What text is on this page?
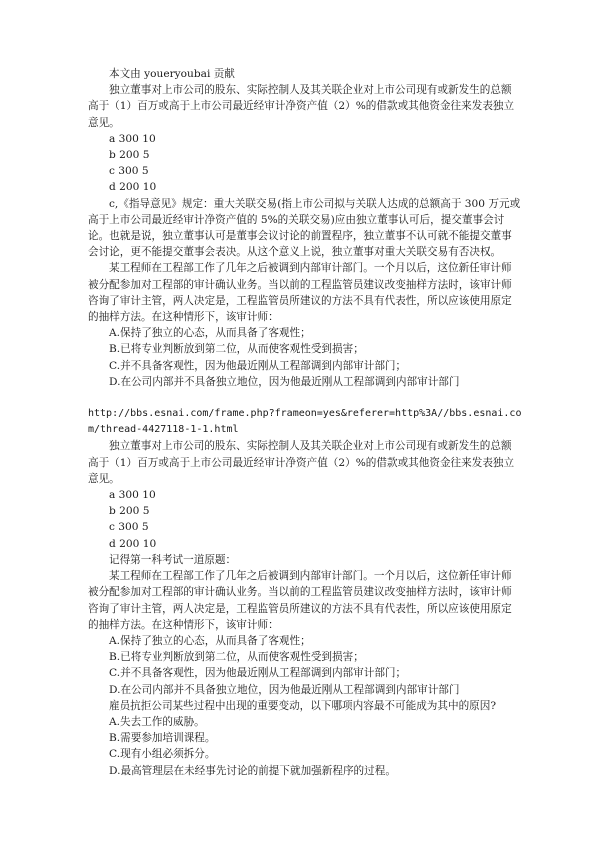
本文由 youeryoubai 贡献

独立董事对上市公司的股东、实际控制人及其关联企业对上市公司现有或新发生的总额高于（1）百万或高于上市公司最近经审计净资产值（2）%的借款或其他资金往来发表独立意见。

a 300 10

b 200 5

c 300 5

d 200 10

c,《指导意见》规定：重大关联交易(指上市公司拟与关联人达成的总额高于 300 万元或高于上市公司最近经审计净资产值的 5%的关联交易)应由独立董事认可后，提交董事会讨论。也就是说，独立董事认可是董事会议讨论的前置程序，独立董事不认可就不能提交董事会讨论，更不能提交董事会表决。从这个意义上说，独立董事对重大关联交易有否决权。

某工程师在工程部工作了几年之后被调到内部审计部门。一个月以后，这位新任审计师被分配参加对工程部的审计确认业务。当以前的工程监管员建议改变抽样方法时，该审计师咨询了审计主管，两人决定是，工程监管员所建议的方法不具有代表性，所以应该使用原定的抽样方法。在这种情形下，该审计师：

A.保持了独立的心态，从而具备了客观性；

B.已将专业判断放到第二位，从而使客观性受到损害；

C.并不具备客观性，因为他最近刚从工程部调到内部审计部门；

D.在公司内部并不具备独立地位，因为他最近刚从工程部调到内部审计部门

http://bbs.esnai.com/frame.php?frameon=yes&referer=http%3A//bbs.esnai.com/thread-4427118-1-1.html

独立董事对上市公司的股东、实际控制人及其关联企业对上市公司现有或新发生的总额高于（1）百万或高于上市公司最近经审计净资产值（2）%的借款或其他资金往来发表独立意见。

a 300 10

b 200 5

c 300 5

d 200 10

记得第一科考试一道原题：

某工程师在工程部工作了几年之后被调到内部审计部门。一个月以后，这位新任审计师被分配参加对工程部的审计确认业务。当以前的工程监管员建议改变抽样方法时，该审计师咨询了审计主管，两人决定是，工程监管员所建议的方法不具有代表性，所以应该使用原定的抽样方法。在这种情形下，该审计师：

A.保持了独立的心态，从而具备了客观性；

B.已将专业判断放到第二位，从而使客观性受到损害；

C.并不具备客观性，因为他最近刚从工程部调到内部审计部门；

D.在公司内部并不具备独立地位，因为他最近刚从工程部调到内部审计部门

雇员抗拒公司某些过程中出现的重要变动，以下哪项内容最不可能成为其中的原因?

A.失去工作的威胁。

B.需要参加培训课程。

C.现有小组必须拆分。

D.最高管理层在未经事先讨论的前提下就加强新程序的过程。
